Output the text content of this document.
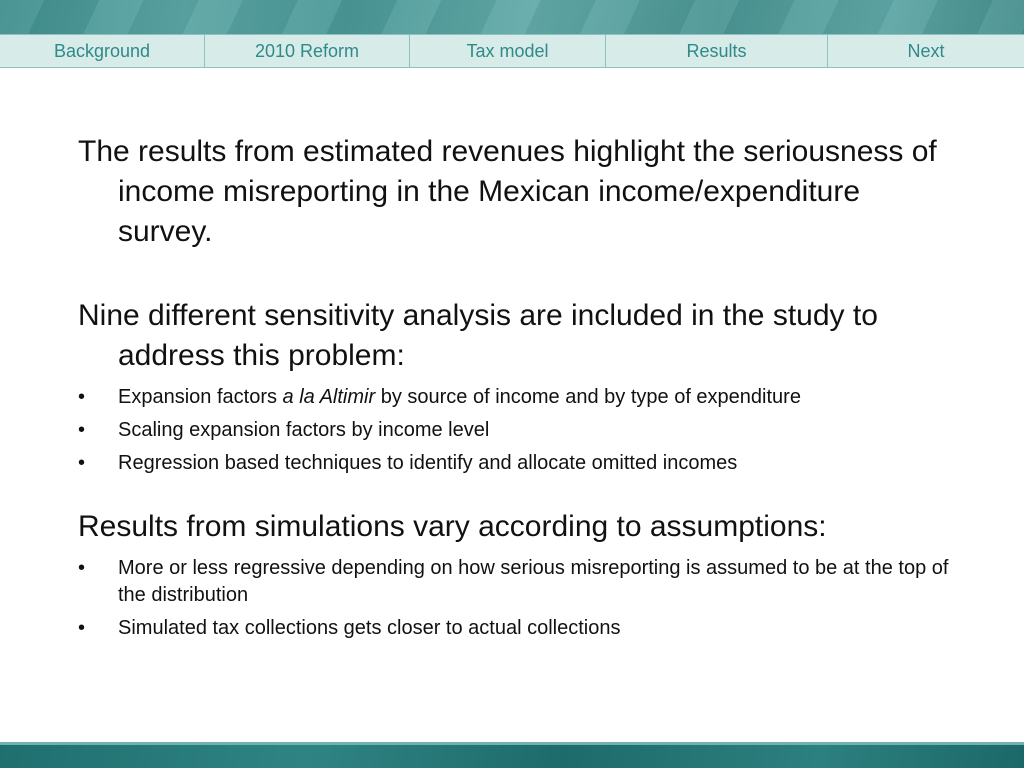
Background	2010 Reform	Tax model	Results	Next

The results from estimated revenues highlight the seriousness of income misreporting in the Mexican income/expenditure survey.

Nine different sensitivity analysis are included in the study to address this problem:

• Expansion factors a la Altimir by source of income and by type of expenditure
• Scaling expansion factors by income level
• Regression based techniques to identify and allocate omitted incomes

Results from simulations vary according to assumptions:

• More or less regressive depending on how serious misreporting is assumed to be at the top of the distribution
• Simulated tax collections gets closer to actual collections
